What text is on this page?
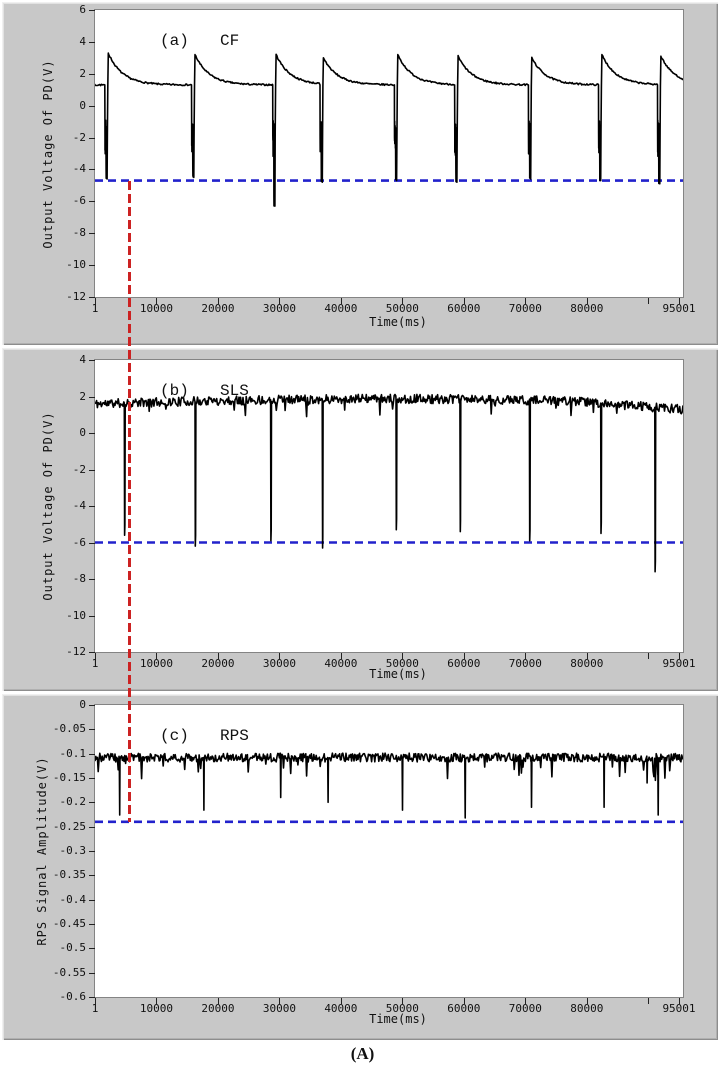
Output Voltage Of PD(V)
(a) CF
Time(ms)
6
4
2
0
-2
-4
-6
-8
-10
-12
1	10000	20000	30000	40000	50000	60000	70000	80000	95001
Output Voltage Of PD(V)
(b) SLS
Time(ms)
4
2
0
-2
-4
-6
-8
-10
-12
1	10000	20000	30000	40000	50000	60000	70000	80000	95001
RPS Signal Amplitude(V)
(c) RPS
Time(ms)
0
-0.05
-0.1
-0.15
-0.2
-0.25
-0.3
-0.35
-0.4
-0.45
-0.5
-0.55
-0.6
1	10000	20000	30000	40000	50000	60000	70000	80000	95001
(A)
